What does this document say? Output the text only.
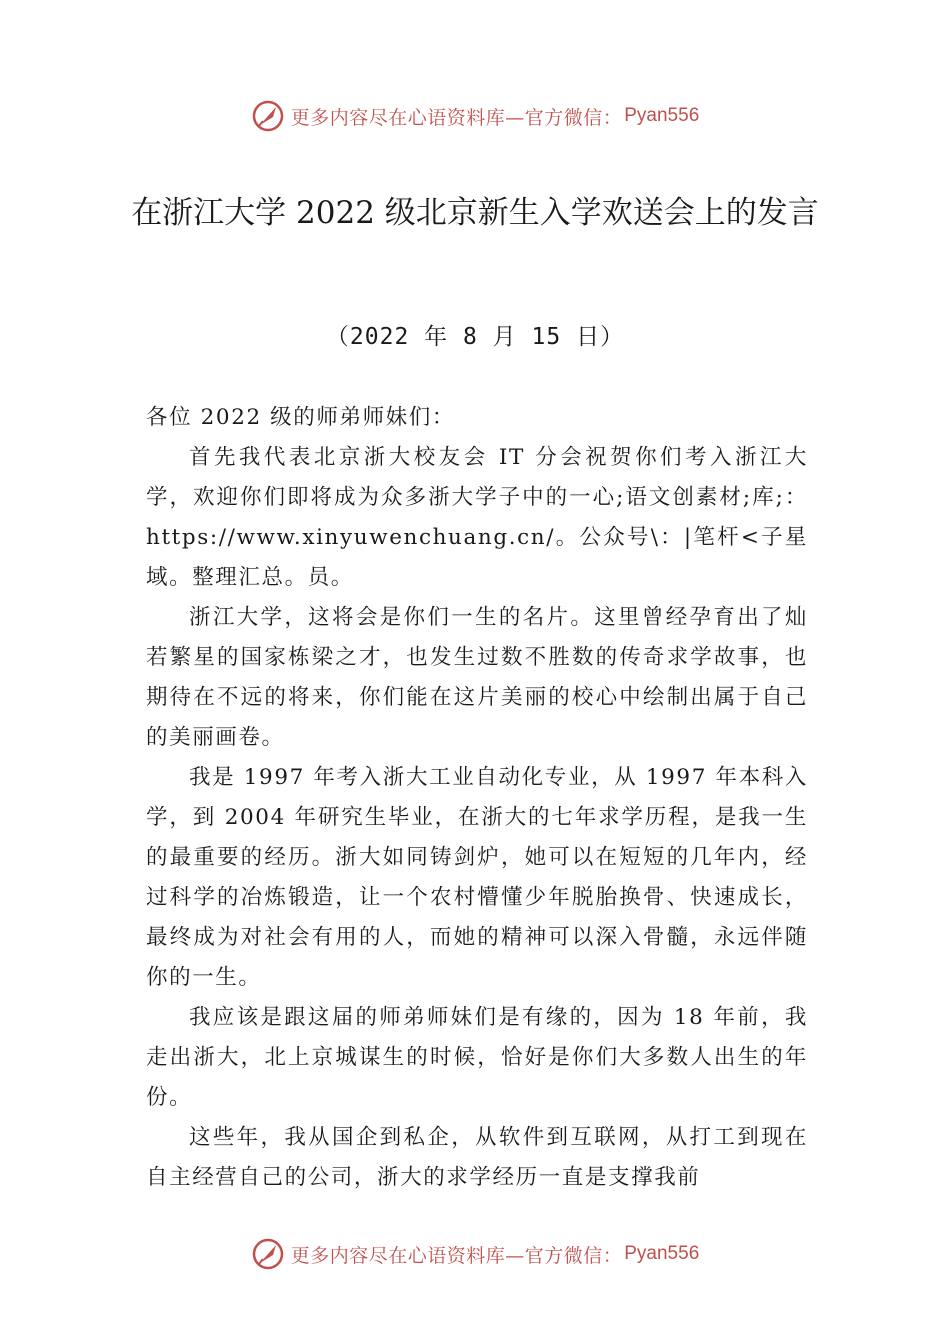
更多内容尽在心语资料库—官方微信： Pyan556
在浙江大学 2022 级北京新生入学欢送会上的发言
（2022 年 8 月 15 日）

各位 2022 级的师弟师妹们：

首先我代表北京浙大校友会 IT 分会祝贺你们考入浙江大学，欢迎你们即将成为众多浙大学子中的一心;语文创素材;库;：https://www.xinyuwenchuang.cn/。公众号\：|笔杆<子星域。整理汇总。员。

浙江大学，这将会是你们一生的名片。这里曾经孕育出了灿若繁星的国家栋梁之才，也发生过数不胜数的传奇求学故事，也期待在不远的将来，你们能在这片美丽的校心中绘制出属于自己的美丽画卷。

我是 1997 年考入浙大工业自动化专业，从 1997 年本科入学，到 2004 年研究生毕业，在浙大的七年求学历程，是我一生的最重要的经历。浙大如同铸剑炉，她可以在短短的几年内，经过科学的冶炼锻造，让一个农村懵懂少年脱胎换骨、快速成长，最终成为对社会有用的人，而她的精神可以深入骨髓，永远伴随你的一生。

我应该是跟这届的师弟师妹们是有缘的，因为 18 年前，我走出浙大，北上京城谋生的时候，恰好是你们大多数人出生的年份。

这些年，我从国企到私企，从软件到互联网，从打工到现在自主经营自己的公司，浙大的求学经历一直是支撑我前

更多内容尽在心语资料库—官方微信： Pyan556
